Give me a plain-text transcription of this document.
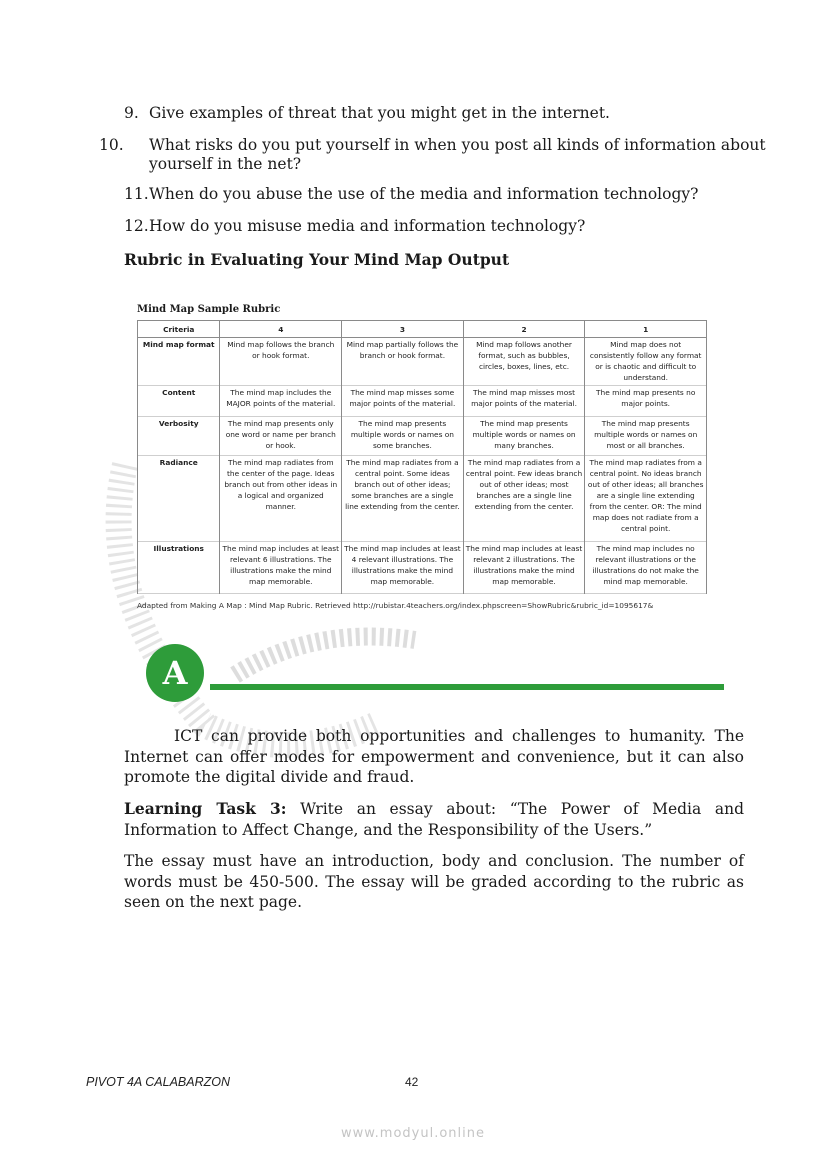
9. Give examples of threat that you might get in the internet.

10. What risks do you put yourself in when you post all kinds of information about yourself in the net?

11.When do you abuse the use of the media and information technology?

12.How do you misuse media and information technology?

Rubric in Evaluating Your Mind Map Output
Mind Map Sample Rubric
Criteria	4	3	2	1
Mind map format	Mind map follows the branch or hook format.	Mind map partially follows the branch or hook format.	Mind map follows another format, such as bubbles, circles, boxes, lines, etc.	Mind map does not consistently follow any format or is chaotic and difficult to understand.
Content	The mind map includes the MAJOR points of the material.	The mind map misses some major points of the material.	The mind map misses most major points of the material.	The mind map presents no major points.
Verbosity	The mind map presents only one word or name per branch or hook.	The mind map presents multiple words or names on some branches.	The mind map presents multiple words or names on many branches.	The mind map presents multiple words or names on most or all branches.
Radiance	The mind map radiates from the center of the page. Ideas branch out from other ideas in a logical and organized manner.	The mind map radiates from a central point. Some ideas branch out of other ideas; some branches are a single line extending from the center.	The mind map radiates from a central point. Few ideas branch out of other ideas; most branches are a single line extending from the center.	The mind map radiates from a central point. No ideas branch out of other ideas; all branches are a single line extending from the center. OR: The mind map does not radiate from a central point.
Illustrations	The mind map includes at least relevant 6 illustrations. The illustrations make the mind map memorable.	The mind map includes at least 4 relevant illustrations. The illustrations make the mind map memorable.	The mind map includes at least relevant 2 illustrations. The illustrations make the mind map memorable.	The mind map includes no relevant illustrations or the illustrations do not make the mind map memorable.
Adapted from Making A Map : Mind Map Rubric. Retrieved http://rubistar.4teachers.org/index.phpscreen=ShowRubric&rubric_id=1095617&
A

ICT can provide both opportunities and challenges to humanity. The Internet can offer modes for empowerment and convenience, but it can also promote the digital divide and fraud.

Learning Task 3: Write an essay about: “The Power of Media and Information to Affect Change, and the Responsibility of the Users.”

The essay must have an introduction, body and conclusion. The number of words must be 450-500. The essay will be graded according to the rubric as seen on the next page.

PIVOT 4A CALABARZON	42
www.modyul.online
